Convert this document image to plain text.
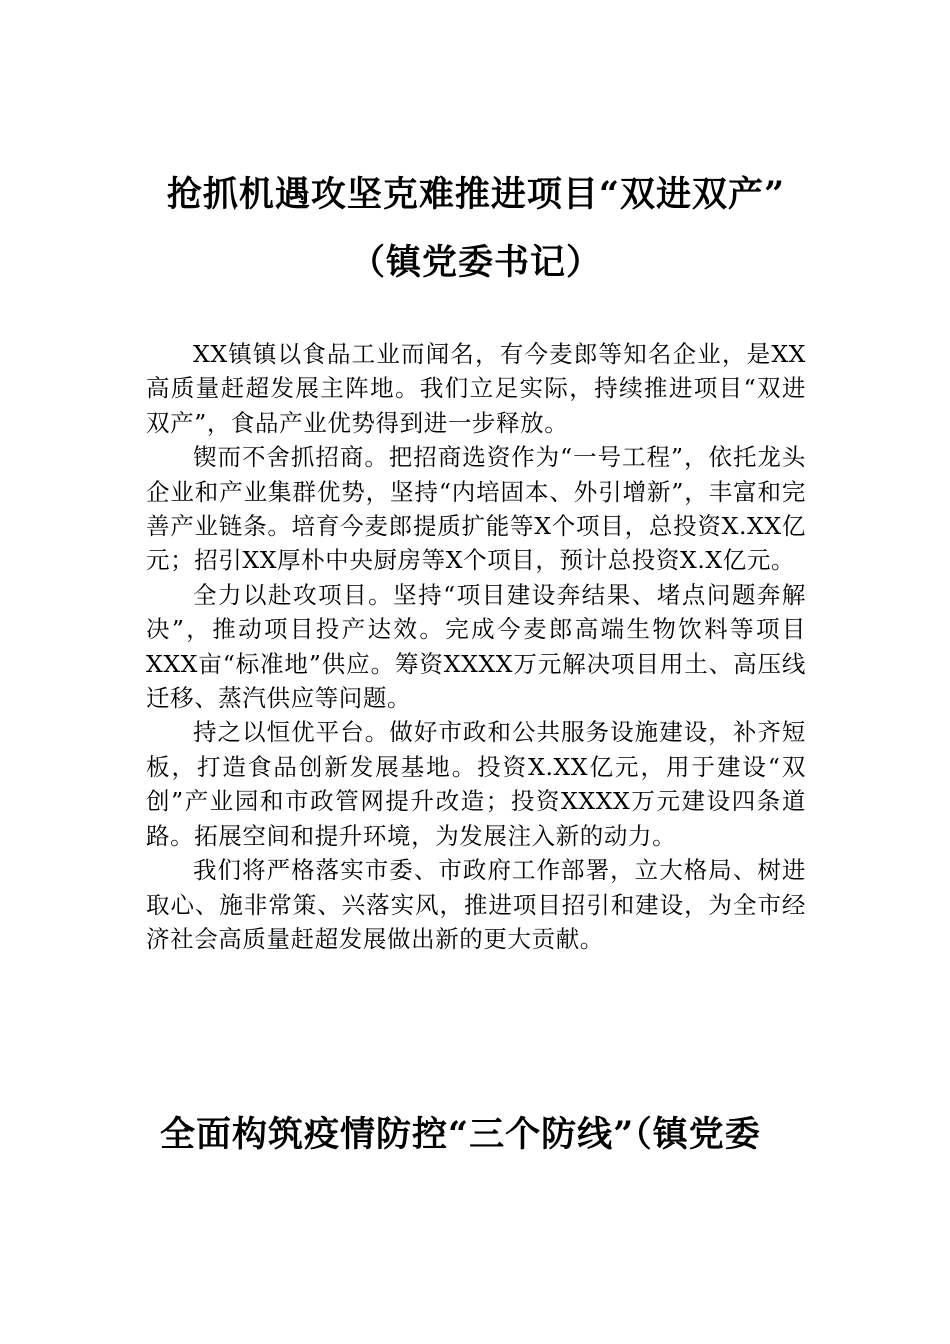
抢抓机遇攻坚克难推进项目“双进双产”
（镇党委书记）

XX镇镇以食品工业而闻名，有今麦郎等知名企业，是XX高质量赶超发展主阵地。我们立足实际，持续推进项目“双进双产”，食品产业优势得到进一步释放。

锲而不舍抓招商。把招商选资作为“一号工程”，依托龙头企业和产业集群优势，坚持“内培固本、外引增新”，丰富和完善产业链条。培育今麦郎提质扩能等X个项目，总投资X.XX亿元；招引XX厚朴中央厨房等X个项目，预计总投资X.X亿元。

全力以赴攻项目。坚持“项目建设奔结果、堵点问题奔解决”，推动项目投产达效。完成今麦郎高端生物饮料等项目XXX亩“标准地”供应。筹资XXXX万元解决项目用土、高压线迁移、蒸汽供应等问题。

持之以恒优平台。做好市政和公共服务设施建设，补齐短板，打造食品创新发展基地。投资X.XX亿元，用于建设“双创”产业园和市政管网提升改造；投资XXXX万元建设四条道路。拓展空间和提升环境，为发展注入新的动力。

我们将严格落实市委、市政府工作部署，立大格局、树进取心、施非常策、兴落实风，推进项目招引和建设，为全市经济社会高质量赶超发展做出新的更大贡献。

全面构筑疫情防控“三个防线”（镇党委
